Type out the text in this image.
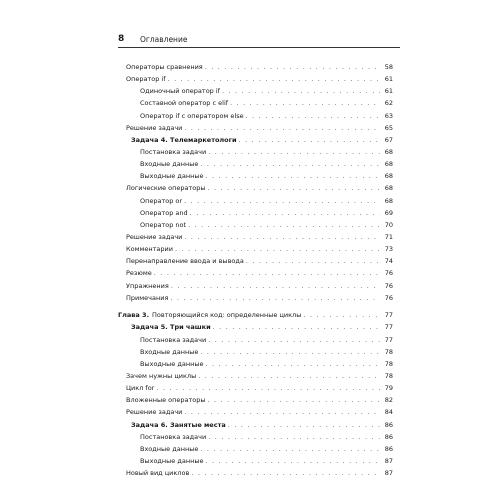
8	Оглавление
Операторы сравнения . . .	58
Оператор if . . .	61
Одиночный оператор if . . .	61
Составной оператор c elif . . .	62
Оператор if c оператором else . . .	63
Решение задачи . . .	65
Задача 4. Телемаркетологи . . .	67
Постановка задачи . . .	68
Входные данные . . .	68
Выходные данные . . .	68
Логические операторы . . .	68
Оператор or . . .	68
Оператор and . . .	69
Оператор not . . .	70
Решение задачи . . .	71
Комментарии . . .	73
Перенаправление ввода и вывода . . .	74
Резюме . . .	76
Упражнения . . .	76
Примечания . . .	76
Глава 3. Повторяющийся код: определенные циклы . . .	77
Задача 5. Три чашки . . .	77
Постановка задачи . . .	77
Входные данные . . .	78
Выходные данные . . .	78
Зачем нужны циклы . . .	78
Цикл for . . .	79
Вложенные операторы . . .	82
Решение задачи . . .	84
Задача 6. Занятые места . . .	86
Постановка задачи . . .	86
Входные данные . . .	86
Выходные данные . . .	87
Новый вид циклов . . .	87
